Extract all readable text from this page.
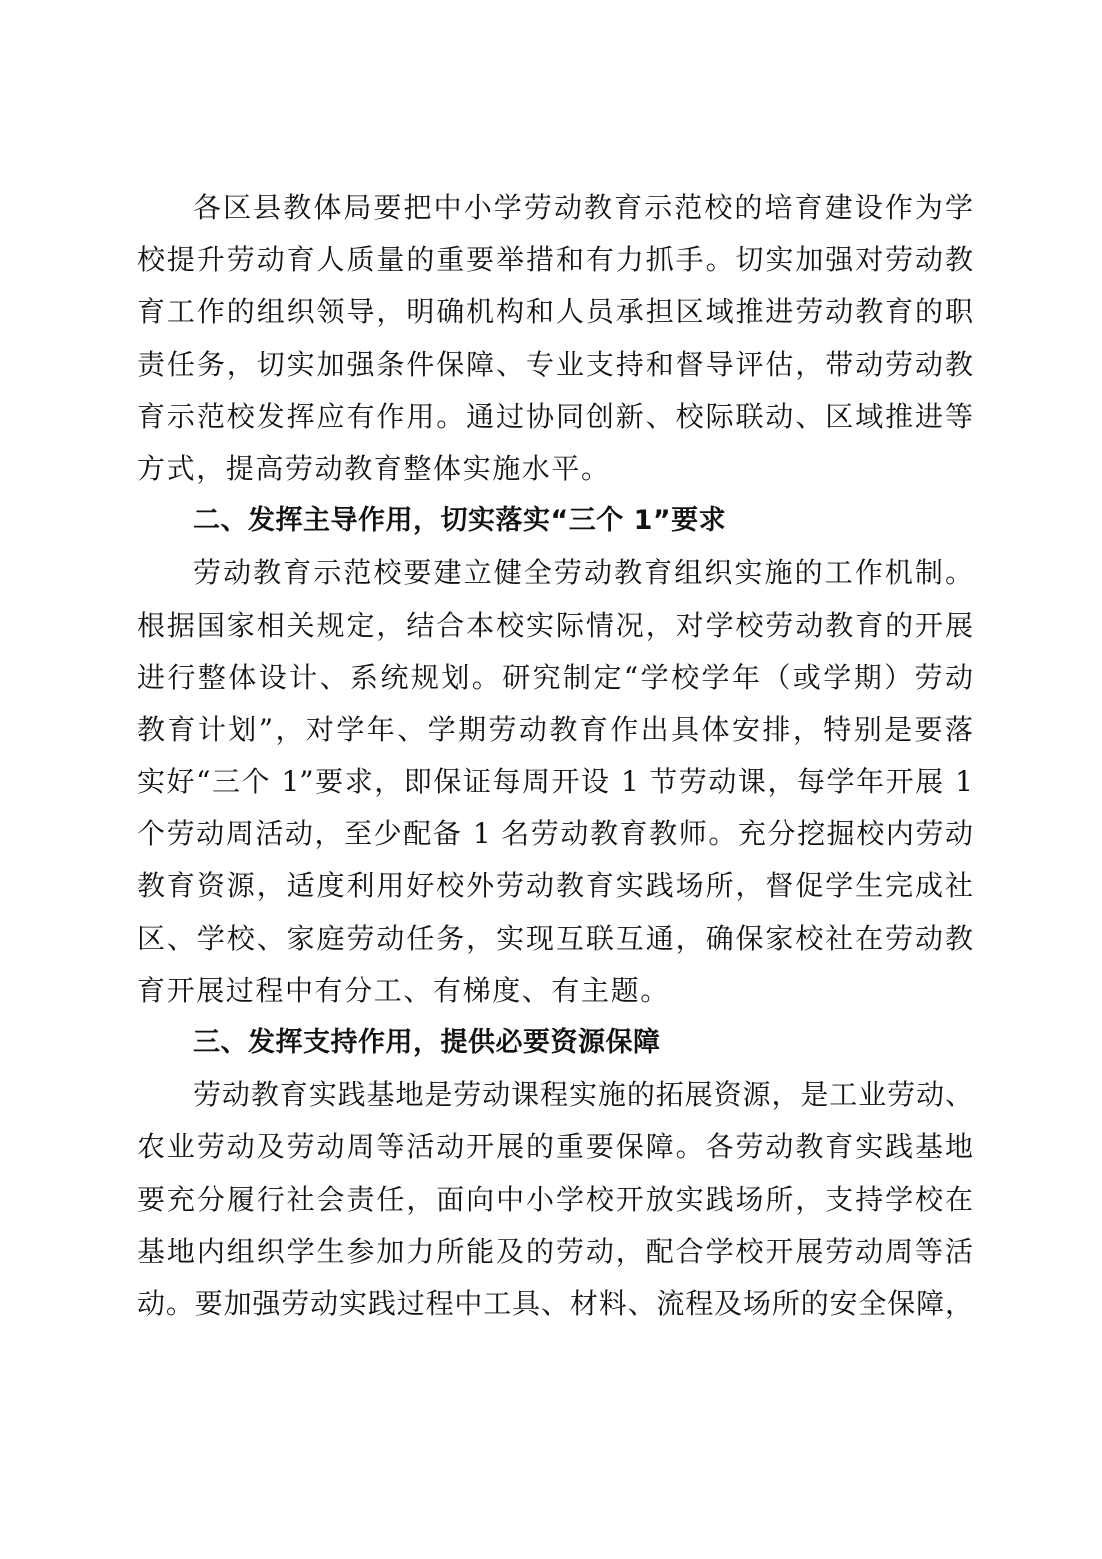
各区县教体局要把中小学劳动教育示范校的培育建设作为学
校提升劳动育人质量的重要举措和有力抓手。切实加强对劳动教
育工作的组织领导，明确机构和人员承担区域推进劳动教育的职
责任务，切实加强条件保障、专业支持和督导评估，带动劳动教
育示范校发挥应有作用。通过协同创新、校际联动、区域推进等
方式，提高劳动教育整体实施水平。
二、发挥主导作用，切实落实“三个 1”要求
劳动教育示范校要建立健全劳动教育组织实施的工作机制。
根据国家相关规定，结合本校实际情况，对学校劳动教育的开展
进行整体设计、系统规划。研究制定“学校学年（或学期）劳动
教育计划”，对学年、学期劳动教育作出具体安排，特别是要落
实好“三个 1”要求，即保证每周开设 1 节劳动课，每学年开展 1
个劳动周活动，至少配备 1 名劳动教育教师。充分挖掘校内劳动
教育资源，适度利用好校外劳动教育实践场所，督促学生完成社
区、学校、家庭劳动任务，实现互联互通，确保家校社在劳动教
育开展过程中有分工、有梯度、有主题。
三、发挥支持作用，提供必要资源保障
劳动教育实践基地是劳动课程实施的拓展资源，是工业劳动、
农业劳动及劳动周等活动开展的重要保障。各劳动教育实践基地
要充分履行社会责任，面向中小学校开放实践场所，支持学校在
基地内组织学生参加力所能及的劳动，配合学校开展劳动周等活
动。要加强劳动实践过程中工具、材料、流程及场所的安全保障，
